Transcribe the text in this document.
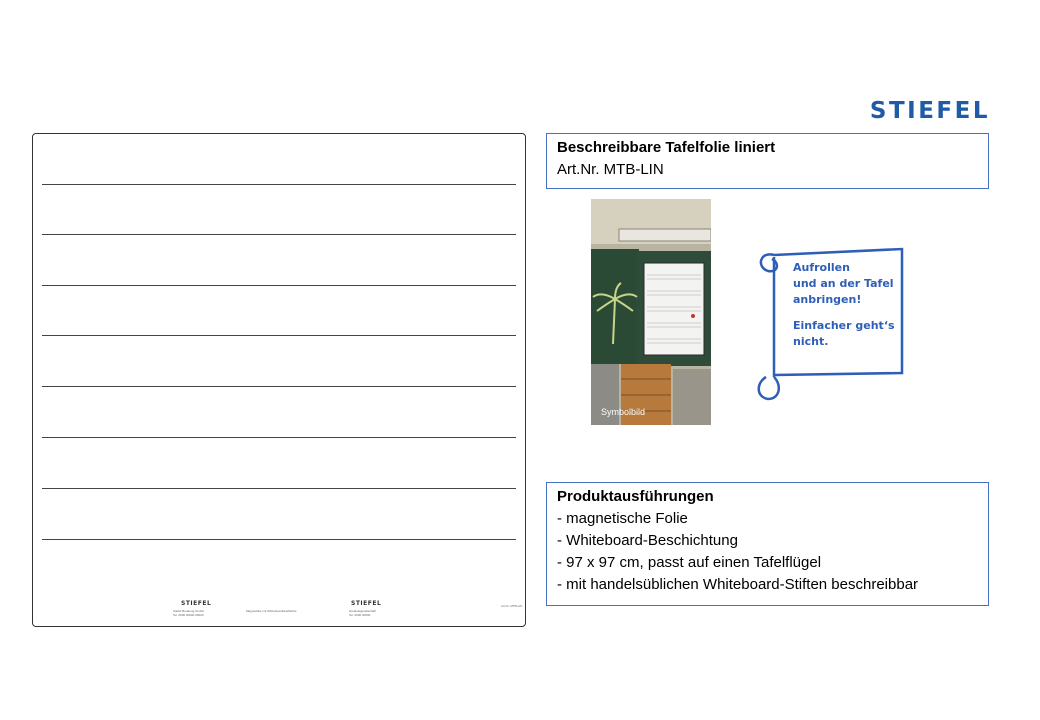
STIEFEL
STIEFEL
Stiefel Beratung GmbH
Tel. 0000 00000 00000
Magnetfolie mit Whiteboardoberfläche
STIEFEL
Handelsgesellschaft
Tel. 0000 00000
Art.Nr. MTB-LIN
Beschreibbare Tafelfolie liniert
Art.Nr. MTB-LIN
Symbolbild
Aufrollen
und an der Tafel
anbringen!
Einfacher geht‘s
nicht.
Produktausführungen
- magnetische Folie
- Whiteboard-Beschichtung
- 97 x 97 cm, passt auf einen Tafelflügel
- mit handelsüblichen Whiteboard-Stiften beschreibbar
